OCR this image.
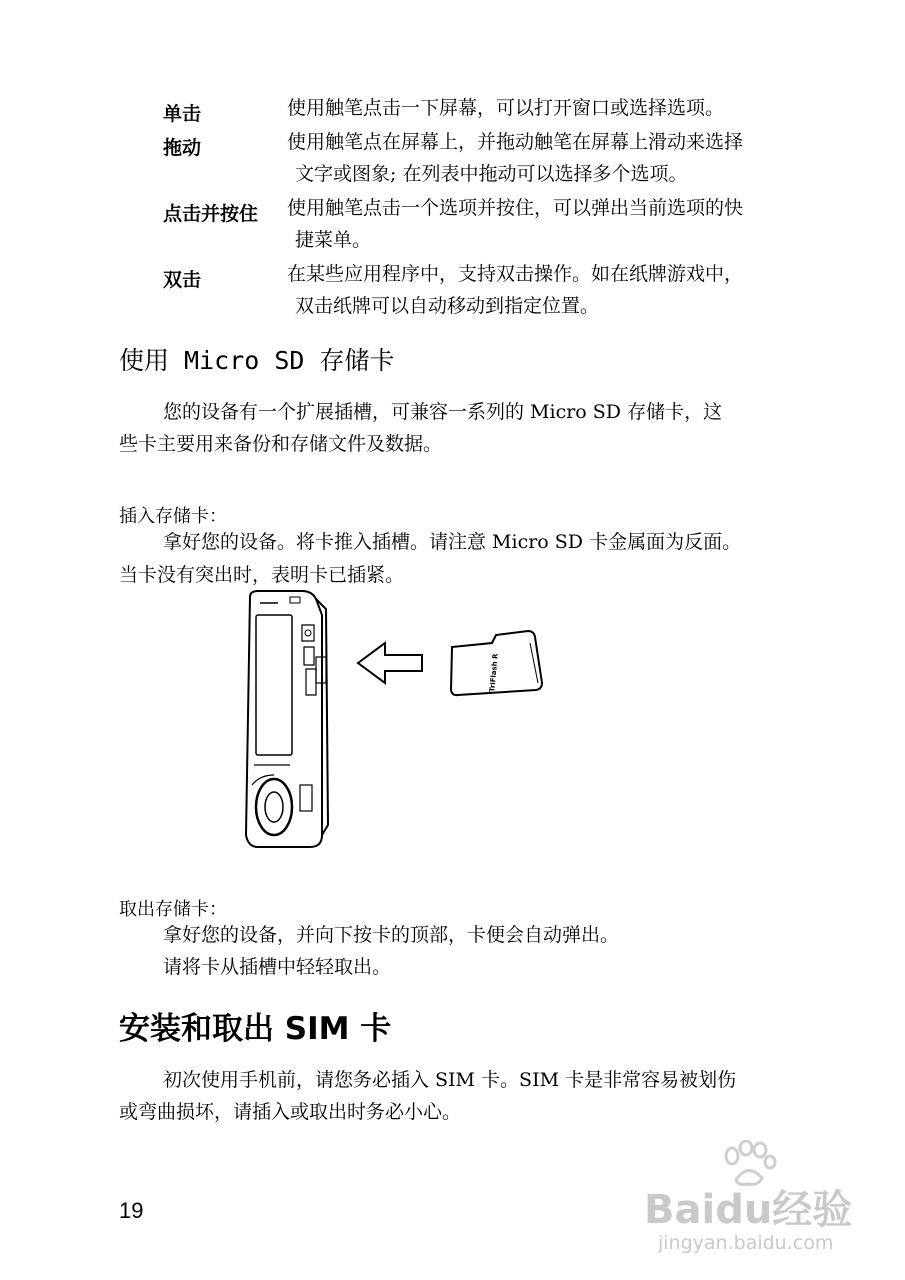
单击	使用触笔点击一下屏幕，可以打开窗口或选择选项。
拖动	使用触笔点在屏幕上，并拖动触笔在屏幕上滑动来选择
文字或图象; 在列表中拖动可以选择多个选项。
点击并按住 使用触笔点击一个选项并按住，可以弹出当前选项的快
捷菜单。
双击	在某些应用程序中，支持双击操作。如在纸牌游戏中，
双击纸牌可以自动移动到指定位置。
使用 Micro SD 存储卡
您的设备有一个扩展插槽，可兼容一系列的 Micro SD 存储卡，这
些卡主要用来备份和存储文件及数据。
插入存储卡：
拿好您的设备。将卡推入插槽。请注意 Micro SD 卡金属面为反面。
当卡没有突出时，表明卡已插紧。
TriFlash R
取出存储卡：
拿好您的设备，并向下按卡的顶部，卡便会自动弹出。
请将卡从插槽中轻轻取出。
安装和取出 SIM 卡
初次使用手机前，请您务必插入 SIM 卡。SIM 卡是非常容易被划伤
或弯曲损坏，请插入或取出时务必小心。
19	Baidu经验
jingyan.baidu.com
